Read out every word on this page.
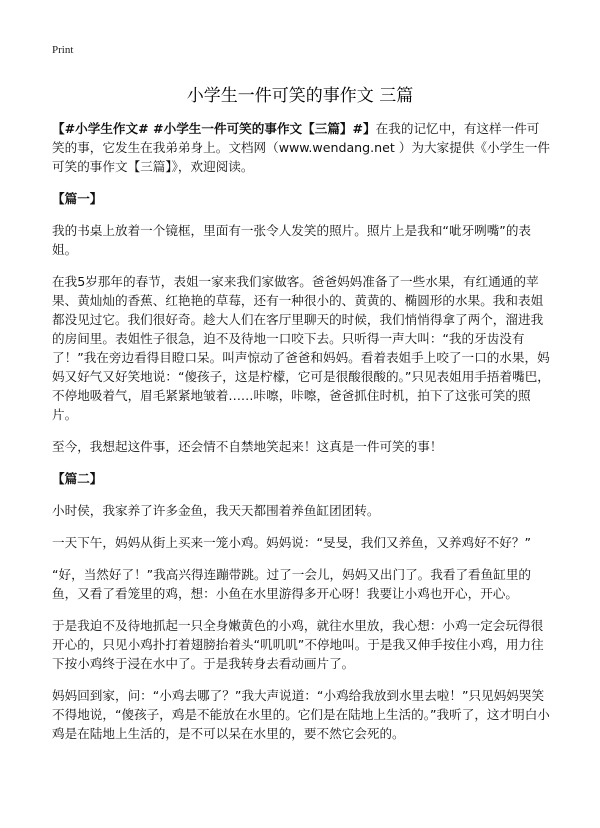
Print
小学生一件可笑的事作文 三篇

【#小学生作文# #小学生一件可笑的事作文【三篇】#】在我的记忆中，有这样一件可笑的事，它发生在我弟弟身上。文档网（www.wendang.net ）为大家提供《小学生一件可笑的事作文【三篇】》，欢迎阅读。

【篇一】

我的书桌上放着一个镜框，里面有一张令人发笑的照片。照片上是我和“呲牙咧嘴”的表姐。

在我5岁那年的春节，表姐一家来我们家做客。爸爸妈妈准备了一些水果，有红通通的苹果、黄灿灿的香蕉、红艳艳的草莓，还有一种很小的、黄黄的、椭圆形的水果。我和表姐都没见过它。我们很好奇。趁大人们在客厅里聊天的时候，我们悄悄得拿了两个，溜进我的房间里。表姐性子很急，迫不及待地一口咬下去。只听得一声大叫：“我的牙齿没有了！”我在旁边看得目瞪口呆。叫声惊动了爸爸和妈妈。看着表姐手上咬了一口的水果，妈妈又好气又好笑地说：“傻孩子，这是柠檬，它可是很酸很酸的。”只见表姐用手捂着嘴巴，不停地吸着气，眉毛紧紧地皱着……咔嚓，咔嚓，爸爸抓住时机，拍下了这张可笑的照片。

至今，我想起这件事，还会情不自禁地笑起来！这真是一件可笑的事！

【篇二】

小时侯，我家养了许多金鱼，我天天都围着养鱼缸团团转。

一天下午，妈妈从街上买来一笼小鸡。妈妈说：“旻旻，我们又养鱼，又养鸡好不好？”

“好，当然好了！”我高兴得连蹦带跳。过了一会儿，妈妈又出门了。我看了看鱼缸里的鱼，又看了看笼里的鸡，想：小鱼在水里游得多开心呀！我要让小鸡也开心，开心。

于是我迫不及待地抓起一只全身嫩黄色的小鸡，就往水里放，我心想：小鸡一定会玩得很开心的，只见小鸡扑打着翅膀抬着头“叽叽叽”不停地叫。于是我又伸手按住小鸡，用力往下按小鸡终于浸在水中了。于是我转身去看动画片了。

妈妈回到家，问：“小鸡去哪了？”我大声说道：“小鸡给我放到水里去啦！”只见妈妈哭笑不得地说，“傻孩子，鸡是不能放在水里的。它们是在陆地上生活的。”我听了，这才明白小鸡是在陆地上生活的，是不可以呆在水里的，要不然它会死的。
